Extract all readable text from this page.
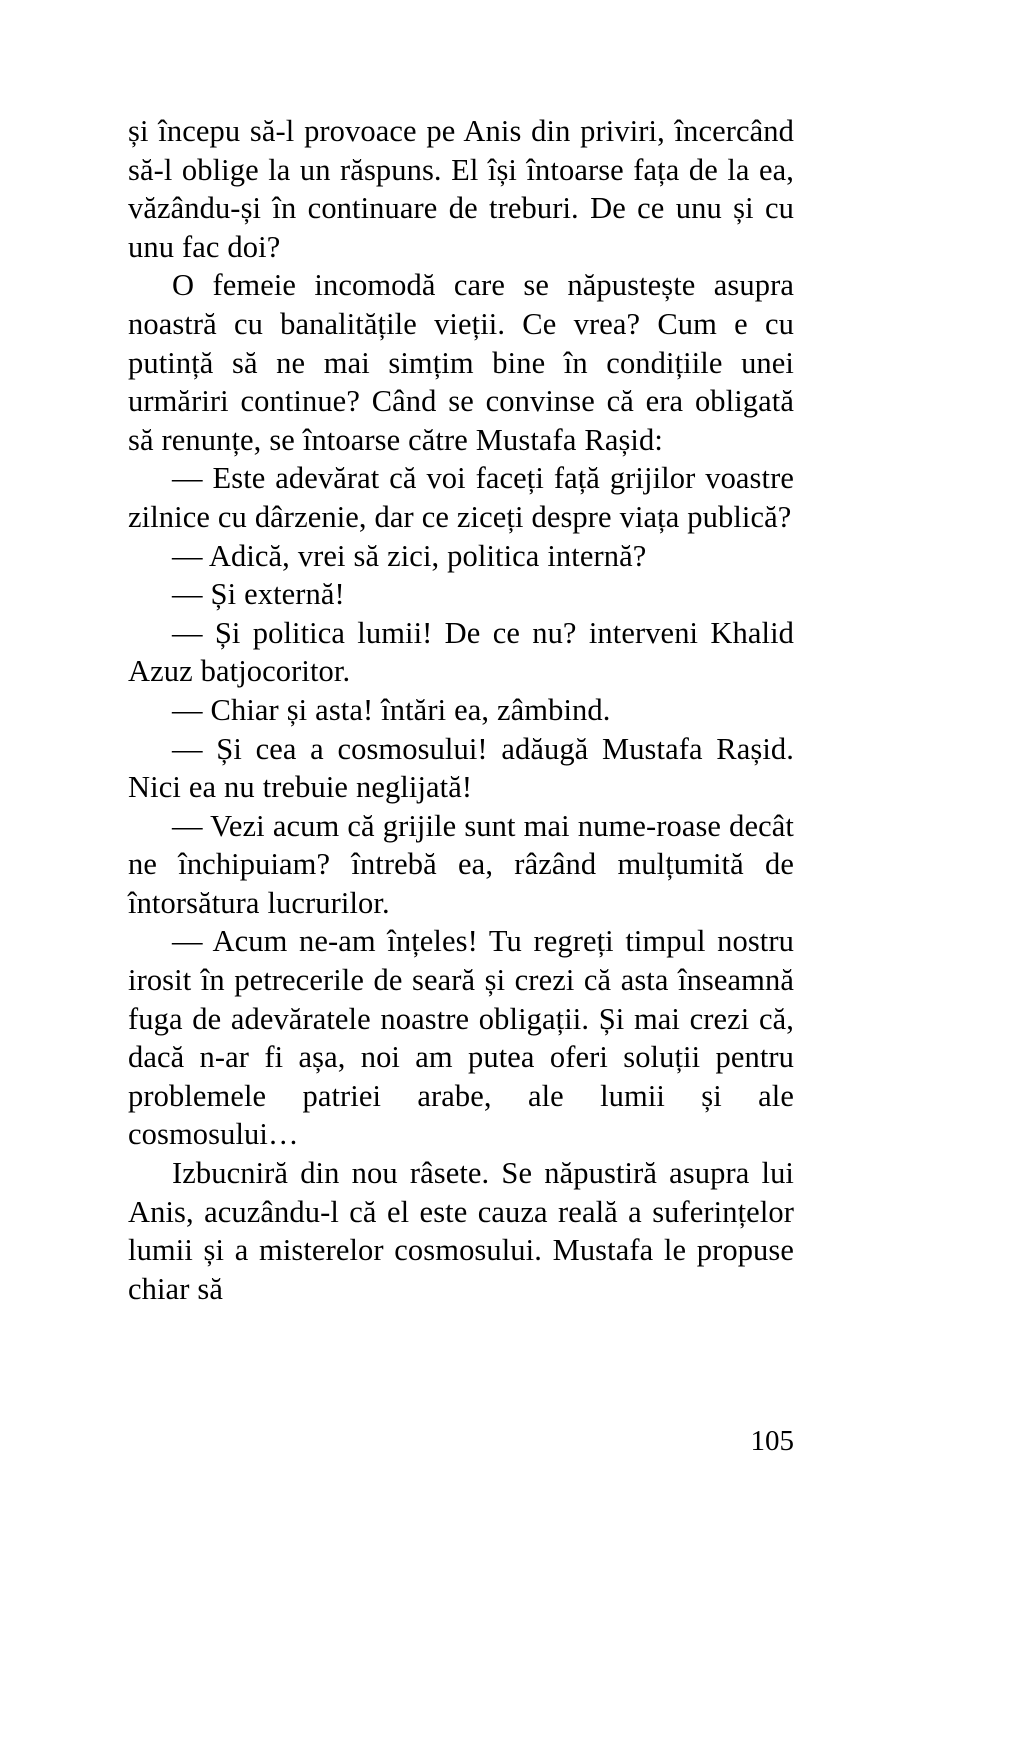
și începu să-l provoace pe Anis din priviri, încercând să-l oblige la un răspuns. El își întoarse fața de la ea, văzându-și în continuare de treburi. De ce unu și cu unu fac doi?

O femeie incomodă care se năpustește asupra noastră cu banalitățile vieții. Ce vrea? Cum e cu putință să ne mai simțim bine în condițiile unei urmăriri continue? Când se convinse că era obligată să renunțe, se întoarse către Mustafa Rașid:

— Este adevărat că voi faceți față grijilor voastre zilnice cu dârzenie, dar ce ziceți despre viața publică?

— Adică, vrei să zici, politica internă?

— Și externă!

— Și politica lumii! De ce nu? interveni Khalid Azuz batjocoritor.

— Chiar și asta! întări ea, zâmbind.

— Și cea a cosmosului! adăugă Mustafa Rașid. Nici ea nu trebuie neglijată!

— Vezi acum că grijile sunt mai nume-roase decât ne închipuiam? întrebă ea, râzând mulțumită de întorsătura lucrurilor.

— Acum ne-am înțeles! Tu regreți timpul nostru irosit în petrecerile de seară și crezi că asta înseamnă fuga de adevăratele noastre obligații. Și mai crezi că, dacă n-ar fi așa, noi am putea oferi soluții pentru problemele patriei arabe, ale lumii și ale cosmosului…

Izbucniră din nou râsete. Se năpustiră asupra lui Anis, acuzându-l că el este cauza reală a suferințelor lumii și a misterelor cosmosului. Mustafa le propuse chiar să

105
